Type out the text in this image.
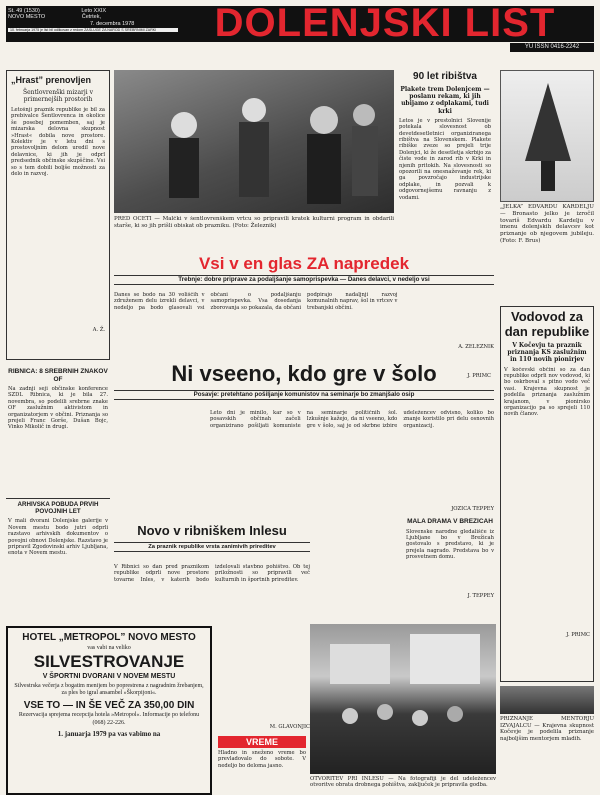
St. 49 (1530)	Leto XXIX
NOVO MESTO	Četrtek,
7. decembra 1978
10. februarja 1975 je list bil odlikovan z redom ZASLUGE ZA NAROD S SREBRNIMI ZARKI	DOLENJSKI LIST
YU ISSN 0416-2242
„Hrast” prenovljen
Šentlovrenški mizarji v primernejših prostorih
Letošnji praznik republike je bil za prebivalce Šentlovrenca in okolice še posebej pomemben, saj je mizarska delovna skupnost »Hrast« dobila nove prostore. Kolektiv je v letu dni s prostovoljnim delom uredil nove delavnice, ki jih je odprl predsednik občinske skupščine. Vsi so s tem dobili boljše možnosti za delo in razvoj.
A. Ž.
RIBNICA: 8 SREBRNIH ZNAKOV OF
Na zadnji seji občinske konference SZDL Ribnica, ki je bila 27. novembra, so podelili srebrne znake OF zaslužnim aktivistom in organizatorjem v občini. Priznanja so prejeli Franc Gorše, Dušan Bojc, Vinko Mikolič in drugi.
ARHIVSKA POBUDA PRVIH POVOJNIH LET
V mali dvorani Dolenjske galerije v Novem mestu bodo jutri odprli razstavo arhivskih dokumentov o povojni obnovi Dolenjske. Razstavo je pripravil Zgodovinski arhiv Ljubljana, enota v Novem mestu.
HOTEL „METROPOL” NOVO MESTO
vas vabi na veliko
SILVESTROVANJE
V ŠPORTNI DVORANI V NOVEM MESTU
Silvestrska večerja z bogatim menijem bo poprestrena z nagradnim žrebanjem, za ples bo igral ansambel »Škorpijoni«.
VSE TO — IN ŠE VEČ ZA 350,00 DIN
Rezervacija sprejema recepcija hotela »Metropol«. Informacije po telefonu (068) 22-226.
1. januarja 1979 pa vas vabimo na
PRED OČETI — Malčki v šentlovrenškem vrtcu so pripravili kratek kulturni program in obdarili starše, ki so jih prišli obiskat ob prazniku. (Foto: Železnik)
90 let ribištva
Plakete trem Dolenjcem — poslanu rekam, ki jih ubijamo z odplakami, tudi krki
Letos je v prestolnici Slovenije potekala slovesnost ob devetdesetletnici organiziranega ribištva na Slovenskem. Plakete ribiške zveze so prejeli trije Dolenjci, ki že desetletja skrbijo za čiste vode in zarod rib v Krki in njenih pritokih. Na slovesnosti so opozorili na onesnaževanje rek, ki ga povzročajo industrijske odplake, in pozvali k odgovornejšemu ravnanju z vodami.
J. PRIMC
„JELKA” EDVARDU KARDELJU — Bronasto jelko je izročil tovariš Edvardu Kardelju v imenu dolenjskih delavcev kot priznanje ob njegovem jubileju. (Foto: F. Brus)
Vodovod za dan republike
V Kočevju ta praznik priznanja KS zaslužnim in 110 novih pionirjev
V kočevski občini so za dan republike odprli nov vodovod, ki bo oskrboval s pitno vodo več vasi. Krajevna skupnost je podelila priznanja zaslužnim krajanom, v pionirsko organizacijo pa so sprejeli 110 novih članov.
J. PRIMC
PRIZNANJE MENTORJU IZVAJALCU — Krajevna skupnost Kočevje je podelila priznanje najboljšim mentorjem mladih.
Vsi v en glas ZA napredek
Trebnje: dobre priprave za podaljšanje samoprispevka — Danes delavci, v nedeljo vsi
Danes se bodo na 30 voliščih v združenem delu izrekli delavci, v nedeljo pa bodo glasovali vsi občani o podaljšanju samoprispevka. Vsa dosedanja zborovanja so pokazala, da občani podpirajo nadaljnji razvoj komunalnih naprav, šol in vrtcev v trebanjski občini.
A. ŽELEZNIK
Ni vseeno, kdo gre v šolo
Posavje: pretehtano pošiljanje komunistov na seminarje bo zmanjšalo osip
Leto dni je minilo, kar so v posavskih občinah začeli organizirano pošiljati komuniste na seminarje političnih šol. Izkušnje kažejo, da ni vseeno, kdo gre v šolo, saj je od skrbne izbire udeležencev odvisno, koliko bo znanje koristilo pri delu osnovnih organizacij.
JOŽICA TEPPEY
Novo v ribniškem Inlesu
Za praznik republike vrsta zanimivih prireditev
V Ribnici so dan pred praznikom republike odprli nove prostore tovarne Inles, v katerih bodo izdelovali stavbno pohištvo. Ob tej priložnosti so pripravili več kulturnih in športnih prireditev.
M. GLAVONJIĆ
MALA DRAMA V BREZICAH
Slovenske narodne gledališče iz Ljubljane bo v Brežicah gostovalo s predstavo, ki je prejela nagrado. Predstava bo v prosvetnem domu.
J. TEPPEY
VREME
Hladno in sneženo vreme bo prevladovalo do sobote. V nedeljo bo deloma jasno.
OTVORITEV PRI INLESU — Na fotografiji je del udeležencev otvoritve obrata drobnega pohištva, zaključek je pripravila godba.
